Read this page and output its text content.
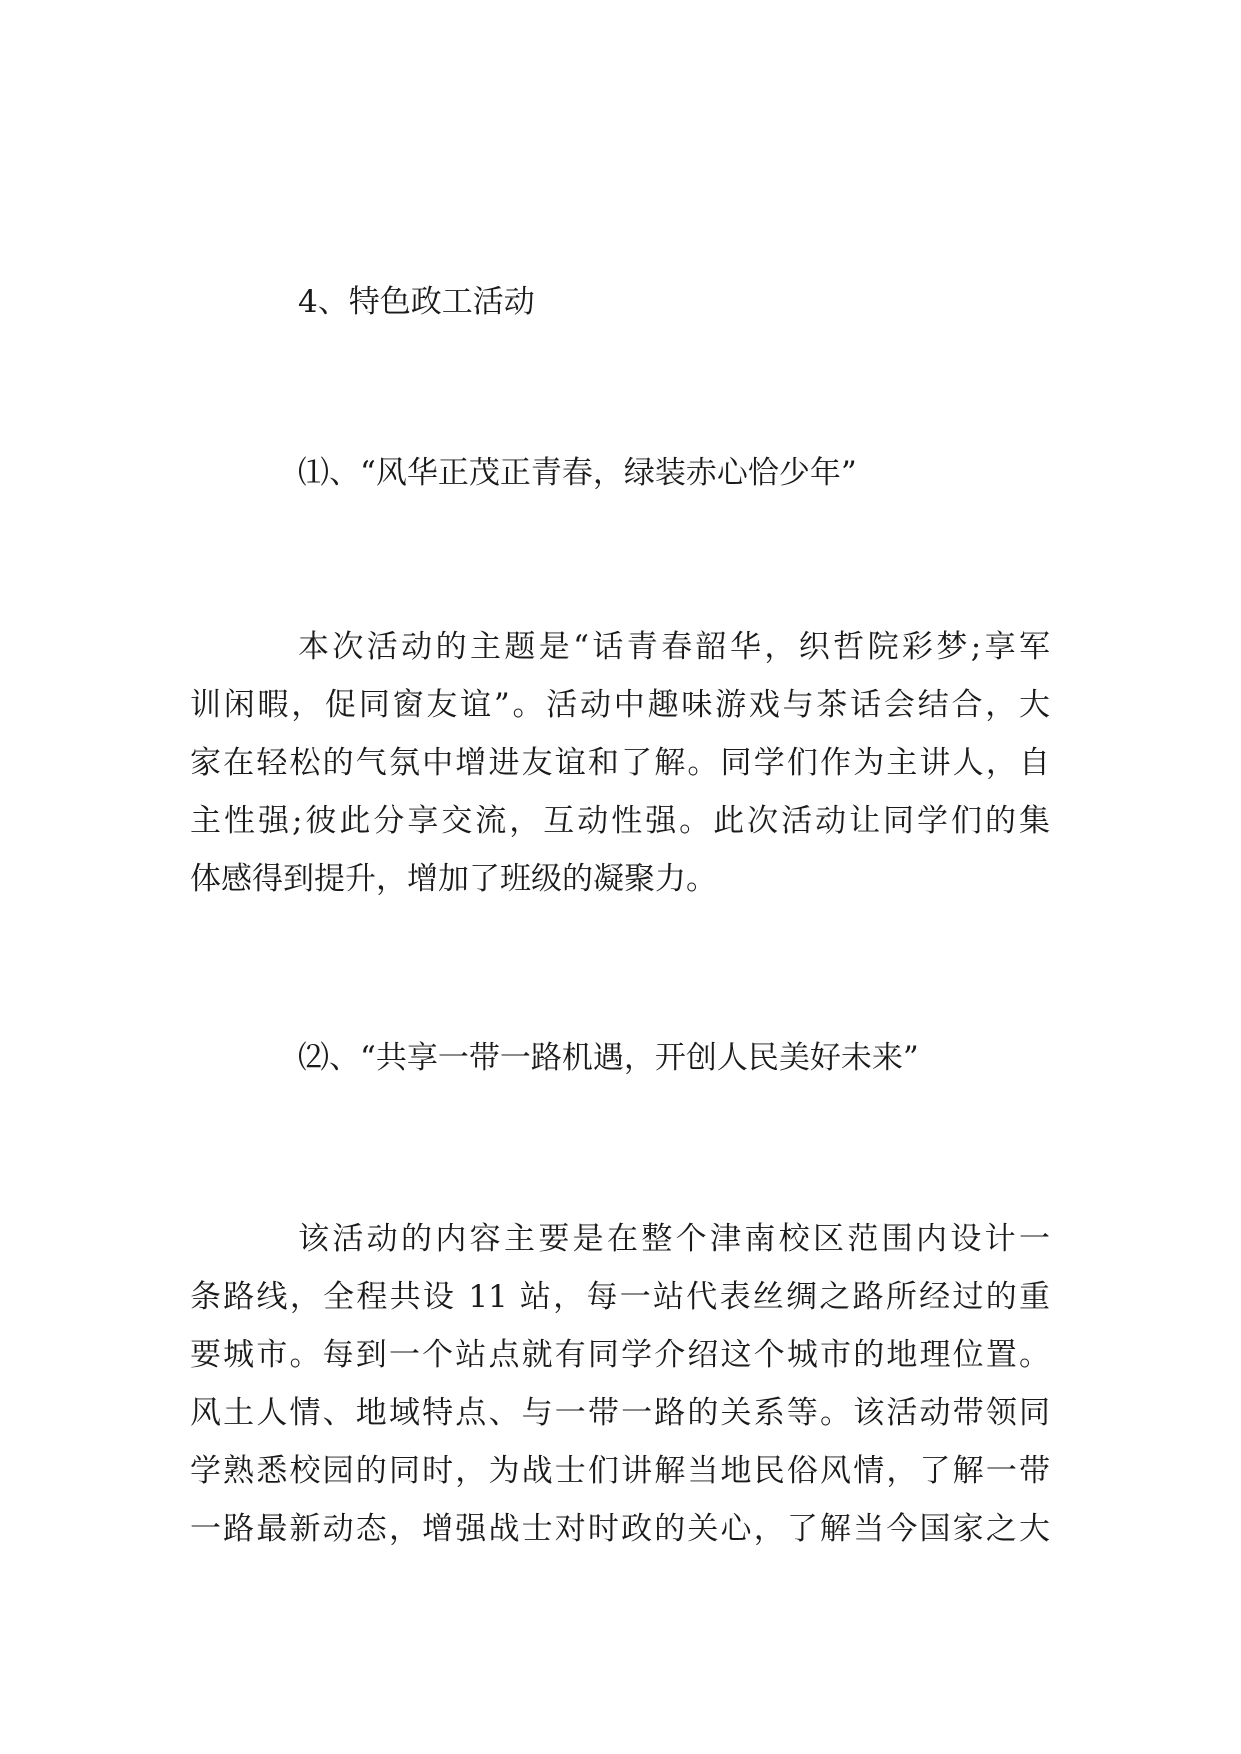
4、特色政工活动
⑴、“风华正茂正青春，绿装赤心恰少年”

本次活动的主题是“话青春韶华，织哲院彩梦;享军
训闲暇，促同窗友谊”。活动中趣味游戏与茶话会结合，大
家在轻松的气氛中增进友谊和了解。同学们作为主讲人，自
主性强;彼此分享交流，互动性强。此次活动让同学们的集
体感得到提升，增加了班级的凝聚力。

⑵、“共享一带一路机遇，开创人民美好未来”

该活动的内容主要是在整个津南校区范围内设计一
条路线，全程共设 11 站，每一站代表丝绸之路所经过的重
要城市。每到一个站点就有同学介绍这个城市的地理位置。
风土人情、地域特点、与一带一路的关系等。该活动带领同
学熟悉校园的同时，为战士们讲解当地民俗风情，了解一带
一路最新动态，增强战士对时政的关心，了解当今国家之大
